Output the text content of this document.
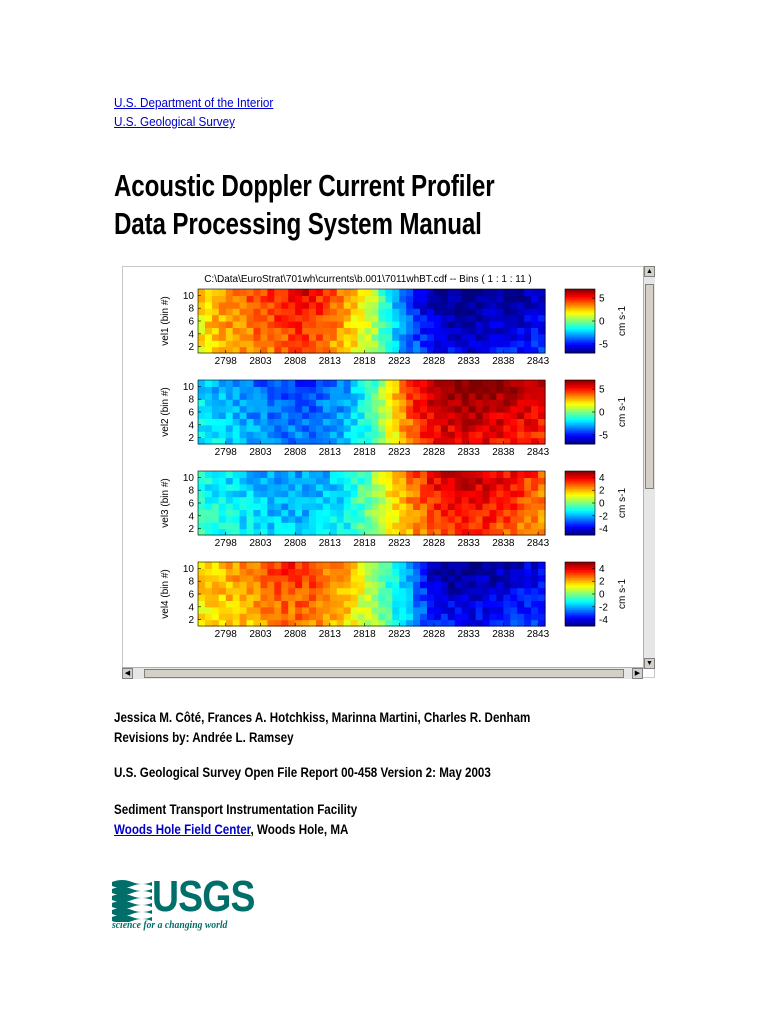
U.S. Department of the Interior
U.S. Geological Survey
Acoustic Doppler Current Profiler
Data Processing System Manual
C:\Data\EuroStrat\701wh\currents\b.001\7011whBT.cdf -- Bins ( 1 : 1 : 11 )
2798 2803 2808 2813 2818 2823 2828 2833 2838 2843
2
4
6
8
10
vel1 (bin #)	5
0
-5
cm s-1
2798 2803 2808 2813 2818 2823 2828 2833 2838 2843
2
4
6
8
10
vel2 (bin #)	5
0
-5
cm s-1
2798 2803 2808 2813 2818 2823 2828 2833 2838 2843
2
4
6
8
10
vel3 (bin #)	4
2
0
-2
-4
cm s-1
2798 2803 2808 2813 2818 2823 2828 2833 2838 2843
2
4
6
8
10
vel4 (bin #)	4
2
0
-2
-4
cm s-1
▲
▼
◀	▶
Jessica M. Côté, Frances A. Hotchkiss, Marinna Martini, Charles R. Denham
Revisions by: Andrée L. Ramsey
U.S. Geological Survey Open File Report 00-458 Version 2: May 2003
Sediment Transport Instrumentation Facility
Woods Hole Field Center, Woods Hole, MA
USGS
science for a changing world
